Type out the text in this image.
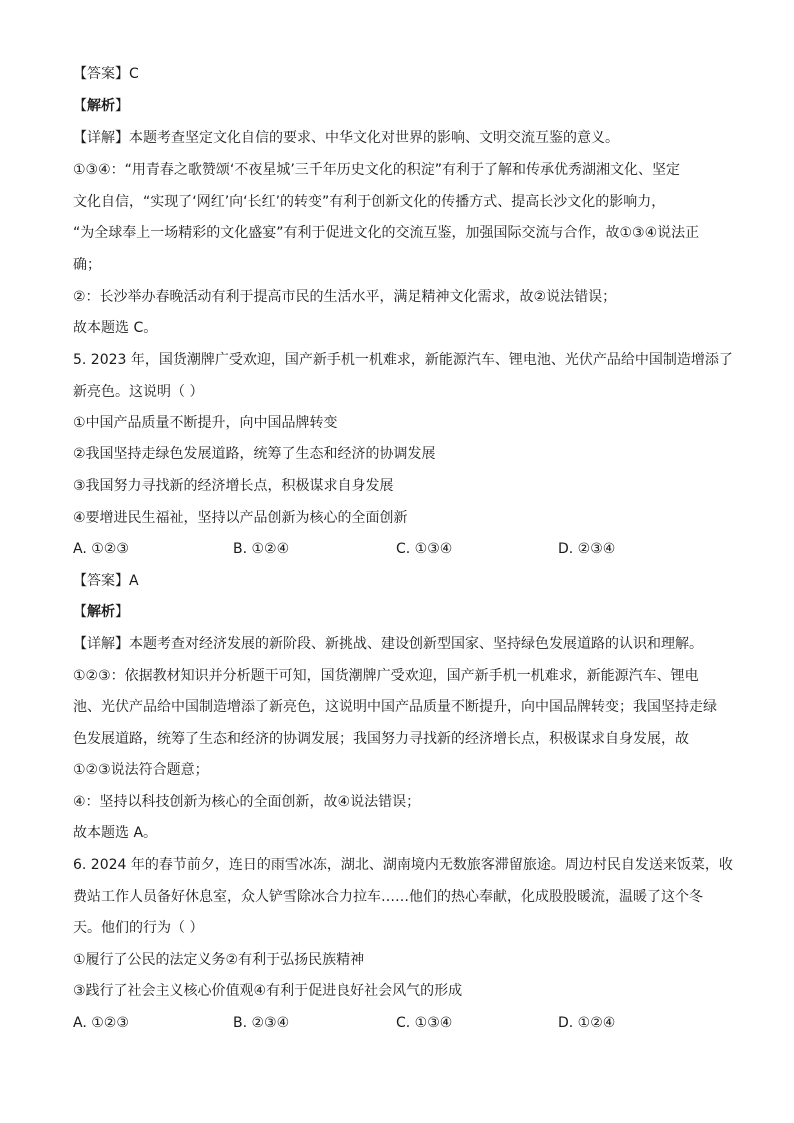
【答案】C
【解析】
【详解】本题考查坚定文化自信的要求、中华文化对世界的影响、文明交流互鉴的意义。
①③④：“用青春之歌赞颂‘不夜星城’三千年历史文化的积淀”有利于了解和传承优秀湖湘文化、坚定
文化自信，“实现了‘网红’向‘长红’的转变”有利于创新文化的传播方式、提高长沙文化的影响力，
“为全球奉上一场精彩的文化盛宴”有利于促进文化的交流互鉴，加强国际交流与合作，故①③④说法正
确；
②：长沙举办春晚活动有利于提高市民的生活水平，满足精神文化需求，故②说法错误；
故本题选 C。
5. 2023 年，国货潮牌广受欢迎，国产新手机一机难求，新能源汽车、锂电池、光伏产品给中国制造增添了
新亮色。这说明（ ）
①中国产品质量不断提升，向中国品牌转变
②我国坚持走绿色发展道路，统筹了生态和经济的协调发展
③我国努力寻找新的经济增长点，积极谋求自身发展
④要增进民生福祉，坚持以产品创新为核心的全面创新
A. ①②③	B. ①②④	C. ①③④	D. ②③④
【答案】A
【解析】
【详解】本题考查对经济发展的新阶段、新挑战、建设创新型国家、坚持绿色发展道路的认识和理解。
①②③：依据教材知识并分析题干可知，国货潮牌广受欢迎，国产新手机一机难求，新能源汽车、锂电
池、光伏产品给中国制造增添了新亮色，这说明中国产品质量不断提升，向中国品牌转变；我国坚持走绿
色发展道路，统筹了生态和经济的协调发展；我国努力寻找新的经济增长点，积极谋求自身发展，故
①②③说法符合题意；
④：坚持以科技创新为核心的全面创新，故④说法错误；
故本题选 A。
6. 2024 年的春节前夕，连日的雨雪冰冻，湖北、湖南境内无数旅客滞留旅途。周边村民自发送来饭菜，收
费站工作人员备好休息室，众人铲雪除冰合力拉车……他们的热心奉献，化成股股暖流，温暖了这个冬
天。他们的行为（ ）
①履行了公民的法定义务②有利于弘扬民族精神
③践行了社会主义核心价值观④有利于促进良好社会风气的形成
A. ①②③	B. ②③④	C. ①③④	D. ①②④
